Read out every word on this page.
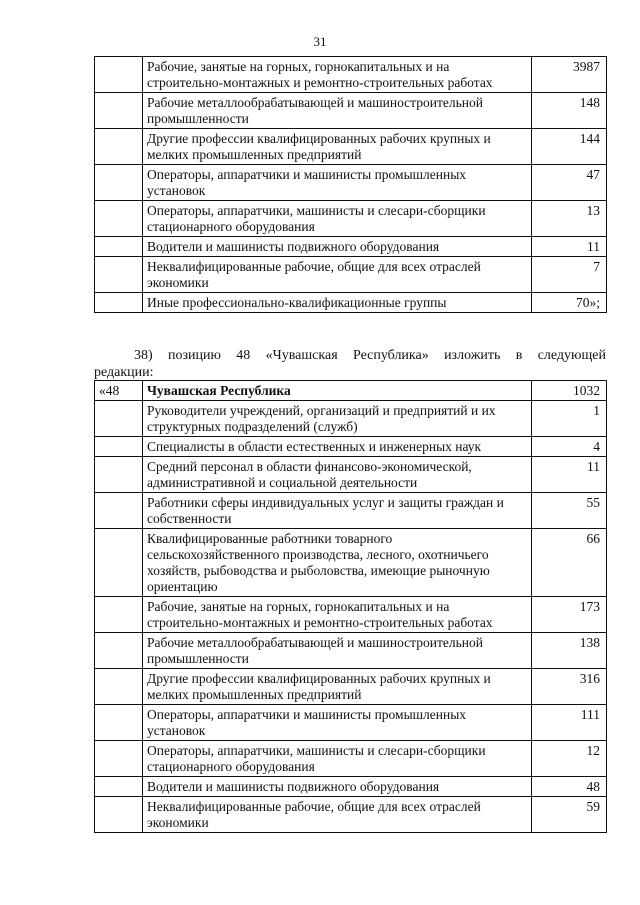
31
	Рабочие, занятые на горных, горнокапитальных и на строительно-монтажных и ремонтно-строительных работах	3987
	Рабочие металлообрабатывающей и машиностроительной промышленности	148
	Другие профессии квалифицированных рабочих крупных и мелких промышленных предприятий	144
	Операторы, аппаратчики и машинисты промышленных установок	47
	Операторы, аппаратчики, машинисты и слесари-сборщики стационарного оборудования	13
	Водители и машинисты подвижного оборудования	11
	Неквалифицированные рабочие, общие для всех отраслей экономики	7
	Иные профессионально-квалификационные группы	70»;
38) позицию 48 «Чувашская Республика» изложить в следующей
редакции:
«48	Чувашская Республика	1032
	Руководители учреждений, организаций и предприятий и их структурных подразделений (служб)	1
	Специалисты в области естественных и инженерных наук	4
	Средний персонал в области финансово-экономической, административной и социальной деятельности	11
	Работники сферы индивидуальных услуг и защиты граждан и собственности	55
	Квалифицированные работники товарного сельскохозяйственного производства, лесного, охотничьего хозяйств, рыбоводства и рыболовства, имеющие рыночную ориентацию	66
	Рабочие, занятые на горных, горнокапитальных и на строительно-монтажных и ремонтно-строительных работах	173
	Рабочие металлообрабатывающей и машиностроительной промышленности	138
	Другие профессии квалифицированных рабочих крупных и мелких промышленных предприятий	316
	Операторы, аппаратчики и машинисты промышленных установок	111
	Операторы, аппаратчики, машинисты и слесари-сборщики стационарного оборудования	12
	Водители и машинисты подвижного оборудования	48
	Неквалифицированные рабочие, общие для всех отраслей экономики	59
